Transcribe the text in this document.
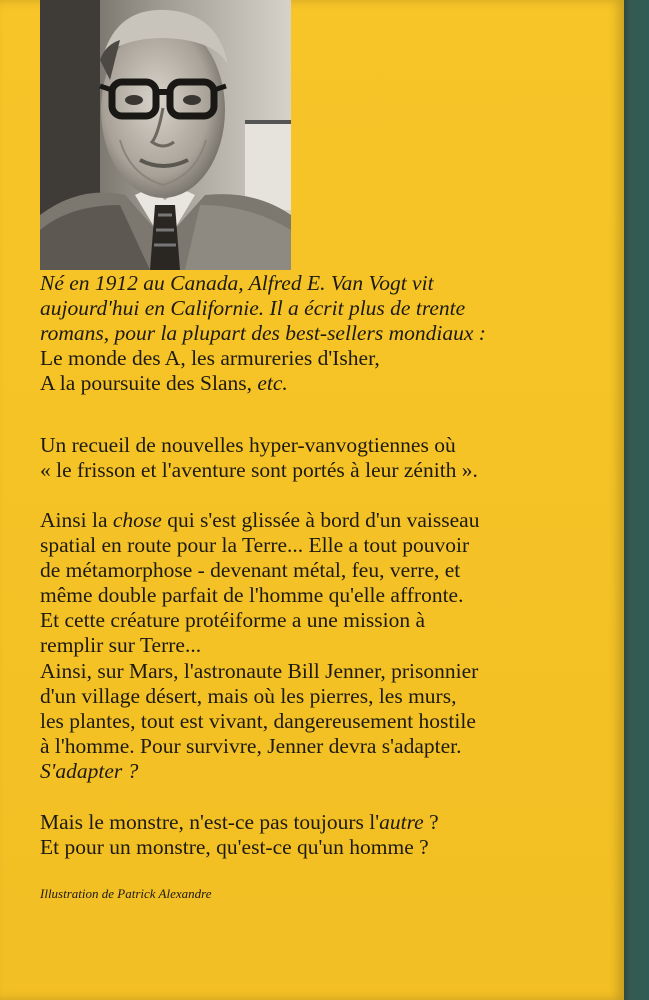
Né en 1912 au Canada, Alfred E. Van Vogt vit
aujourd'hui en Californie. Il a écrit plus de trente
romans, pour la plupart des best-sellers mondiaux :
Le monde des A, les armureries d'Isher,
A la poursuite des Slans, etc.
Un recueil de nouvelles hyper-vanvogtiennes où
« le frisson et l'aventure sont portés à leur zénith ».
Ainsi la chose qui s'est glissée à bord d'un vaisseau
spatial en route pour la Terre... Elle a tout pouvoir
de métamorphose - devenant métal, feu, verre, et
même double parfait de l'homme qu'elle affronte.
Et cette créature protéiforme a une mission à
remplir sur Terre...
Ainsi, sur Mars, l'astronaute Bill Jenner, prisonnier
d'un village désert, mais où les pierres, les murs,
les plantes, tout est vivant, dangereusement hostile
à l'homme. Pour survivre, Jenner devra s'adapter.
S'adapter ?
Mais le monstre, n'est-ce pas toujours l'autre ?
Et pour un monstre, qu'est-ce qu'un homme ?
Illustration de Patrick Alexandre
